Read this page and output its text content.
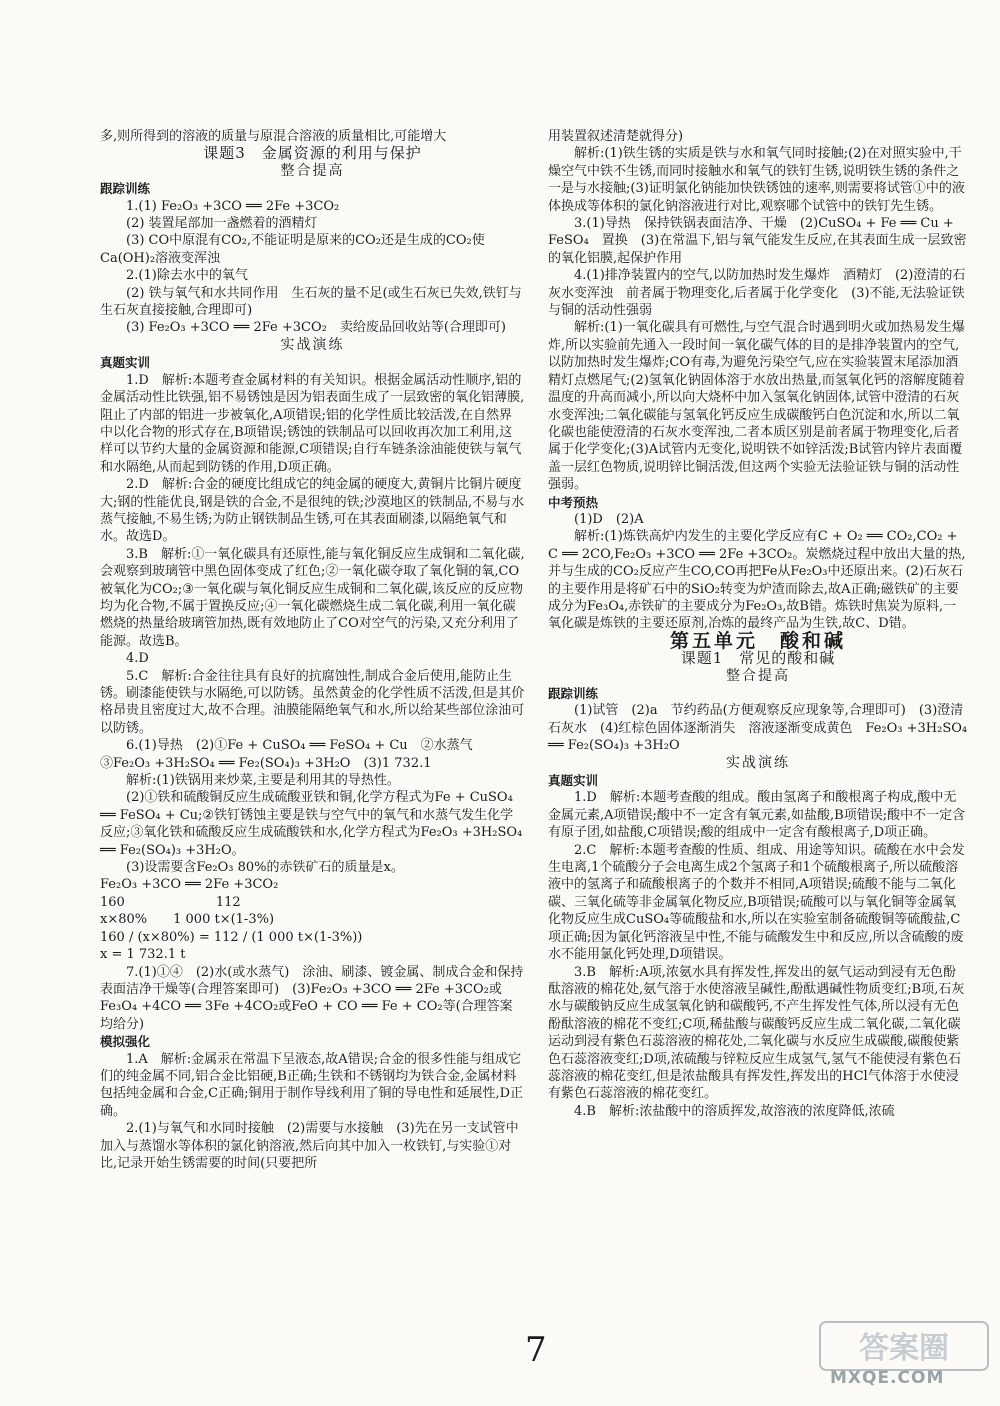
多,则所得到的溶液的质量与原混合溶液的质量相比,可能增大

课题3　金属资源的利用与保护

整合提高

跟踪训练

1.(1) Fe₂O₃ +3CO ══ 2Fe +3CO₂

(2) 装置尾部加一盏燃着的酒精灯

(3) CO中原混有CO₂,不能证明是原来的CO₂还是生成的CO₂使Ca(OH)₂溶液变浑浊

2.(1)除去水中的氧气

(2) 铁与氧气和水共同作用　生石灰的量不足(或生石灰已失效,铁钉与生石灰直接接触,合理即可)

(3) Fe₂O₃ +3CO ══ 2Fe +3CO₂　卖给废品回收站等(合理即可)

实战演练

真题实训

1.D　解析:本题考查金属材料的有关知识。根据金属活动性顺序,铝的金属活动性比铁强,铝不易锈蚀是因为铝表面生成了一层致密的氧化铝薄膜,阻止了内部的铝进一步被氧化,A项错误;铝的化学性质比较活泼,在自然界中以化合物的形式存在,B项错误;锈蚀的铁制品可以回收再次加工利用,这样可以节约大量的金属资源和能源,C项错误;自行车链条涂油能使铁与氧气和水隔绝,从而起到防锈的作用,D项正确。

2.D　解析:合金的硬度比组成它的纯金属的硬度大,黄铜片比铜片硬度大;钢的性能优良,钢是铁的合金,不是很纯的铁;沙漠地区的铁制品,不易与水蒸气接触,不易生锈;为防止钢铁制品生锈,可在其表面刷漆,以隔绝氧气和水。故选D。

3.B　解析:①一氧化碳具有还原性,能与氧化铜反应生成铜和二氧化碳,会观察到玻璃管中黑色固体变成了红色;②一氧化碳夺取了氧化铜的氧,CO被氧化为CO₂;③一氧化碳与氧化铜反应生成铜和二氧化碳,该反应的反应物均为化合物,不属于置换反应;④一氧化碳燃烧生成二氧化碳,利用一氧化碳燃烧的热量给玻璃管加热,既有效地防止了CO对空气的污染,又充分利用了能源。故选B。

4.D

5.C　解析:合金往往具有良好的抗腐蚀性,制成合金后使用,能防止生锈。刷漆能使铁与水隔绝,可以防锈。虽然黄金的化学性质不活泼,但是其价格昂贵且密度过大,故不合理。油膜能隔绝氧气和水,所以给某些部位涂油可以防锈。

6.(1)导热　(2)①Fe + CuSO₄ ══ FeSO₄ + Cu　②水蒸气　③Fe₂O₃ +3H₂SO₄ ══ Fe₂(SO₄)₃ +3H₂O　(3)1 732.1

解析:(1)铁锅用来炒菜,主要是利用其的导热性。

(2)①铁和硫酸铜反应生成硫酸亚铁和铜,化学方程式为Fe + CuSO₄ ══ FeSO₄ + Cu;②铁钉锈蚀主要是铁与空气中的氧气和水蒸气发生化学反应;③氧化铁和硫酸反应生成硫酸铁和水,化学方程式为Fe₂O₃ +3H₂SO₄ ══ Fe₂(SO₄)₃ +3H₂O。

(3)设需要含Fe₂O₃ 80%的赤铁矿石的质量是x。

Fe₂O₃ +3CO ══ 2Fe +3CO₂

160　　　　　　　112

x×80%　　1 000 t×(1-3%)

160 / (x×80%) = 112 / (1 000 t×(1-3%))

x = 1 732.1 t

7.(1)①④　(2)水(或水蒸气)　涂油、刷漆、镀金属、制成合金和保持表面洁净干燥等(合理答案即可)　(3)Fe₂O₃ +3CO ══ 2Fe +3CO₂或Fe₃O₄ +4CO ══ 3Fe +4CO₂或FeO + CO ══ Fe + CO₂等(合理答案均给分)

模拟强化

1.A　解析:金属汞在常温下呈液态,故A错误;合金的很多性能与组成它们的纯金属不同,铝合金比铝硬,B正确;生铁和不锈钢均为铁合金,金属材料包括纯金属和合金,C正确;铜用于制作导线利用了铜的导电性和延展性,D正确。

2.(1)与氧气和水同时接触　(2)需要与水接触　(3)先在另一支试管中加入与蒸馏水等体积的氯化钠溶液,然后向其中加入一枚铁钉,与实验①对比,记录开始生锈需要的时间(只要把所

用装置叙述清楚就得分)

解析:(1)铁生锈的实质是铁与水和氧气同时接触;(2)在对照实验中,干燥空气中铁不生锈,而同时接触水和氧气的铁钉生锈,说明铁生锈的条件之一是与水接触;(3)证明氯化钠能加快铁锈蚀的速率,则需要将试管①中的液体换成等体积的氯化钠溶液进行对比,观察哪个试管中的铁钉先生锈。

3.(1)导热　保持铁锅表面洁净、干燥　(2)CuSO₄ + Fe ══ Cu + FeSO₄　置换　(3)在常温下,铝与氧气能发生反应,在其表面生成一层致密的氧化铝膜,起保护作用

4.(1)排净装置内的空气,以防加热时发生爆炸　酒精灯　(2)澄清的石灰水变浑浊　前者属于物理变化,后者属于化学变化　(3)不能,无法验证铁与铜的活动性强弱

解析:(1)一氧化碳具有可燃性,与空气混合时遇到明火或加热易发生爆炸,所以实验前先通入一段时间一氧化碳气体的目的是排净装置内的空气,以防加热时发生爆炸;CO有毒,为避免污染空气,应在实验装置末尾添加酒精灯点燃尾气;(2)氢氧化钠固体溶于水放出热量,而氢氧化钙的溶解度随着温度的升高而减小,所以向大烧杯中加入氢氧化钠固体,试管中澄清的石灰水变浑浊;二氧化碳能与氢氧化钙反应生成碳酸钙白色沉淀和水,所以二氧化碳也能使澄清的石灰水变浑浊,二者本质区别是前者属于物理变化,后者属于化学变化;(3)A试管内无变化,说明铁不如锌活泼;B试管内锌片表面覆盖一层红色物质,说明锌比铜活泼,但这两个实验无法验证铁与铜的活动性强弱。

中考预热

(1)D　(2)A

解析:(1)炼铁高炉内发生的主要化学反应有C + O₂ ══ CO₂,CO₂ + C ══ 2CO,Fe₂O₃ +3CO ══ 2Fe +3CO₂。炭燃烧过程中放出大量的热,并与生成的CO₂反应产生CO,CO再把Fe从Fe₂O₃中还原出来。(2)石灰石的主要作用是将矿石中的SiO₂转变为炉渣而除去,故A正确;磁铁矿的主要成分为Fe₃O₄,赤铁矿的主要成分为Fe₂O₃,故B错。炼铁时焦炭为原料,一氧化碳是炼铁的主要还原剂,冶炼的最终产品为生铁,故C、D错。

第五单元　酸和碱

课题1　常见的酸和碱

整合提高

跟踪训练

(1)试管　(2)a　节约药品(方便观察反应现象等,合理即可)　(3)澄清石灰水　(4)红棕色固体逐渐消失　溶液逐渐变成黄色　Fe₂O₃ +3H₂SO₄ ══ Fe₂(SO₄)₃ +3H₂O

实战演练

真题实训

1.D　解析:本题考查酸的组成。酸由氢离子和酸根离子构成,酸中无金属元素,A项错误;酸中不一定含有氧元素,如盐酸,B项错误;酸中不一定含有原子团,如盐酸,C项错误;酸的组成中一定含有酸根离子,D项正确。

2.C　解析:本题考查酸的性质、组成、用途等知识。硫酸在水中会发生电离,1个硫酸分子会电离生成2个氢离子和1个硫酸根离子,所以硫酸溶液中的氢离子和硫酸根离子的个数并不相同,A项错误;硫酸不能与二氧化碳、三氧化硫等非金属氧化物反应,B项错误;硫酸可以与氧化铜等金属氧化物反应生成CuSO₄等硫酸盐和水,所以在实验室制备硫酸铜等硫酸盐,C项正确;因为氯化钙溶液呈中性,不能与硫酸发生中和反应,所以含硫酸的废水不能用氯化钙处理,D项错误。

3.B　解析:A项,浓氨水具有挥发性,挥发出的氨气运动到浸有无色酚酞溶液的棉花处,氨气溶于水使溶液呈碱性,酚酞遇碱性物质变红;B项,石灰水与碳酸钠反应生成氢氧化钠和碳酸钙,不产生挥发性气体,所以浸有无色酚酞溶液的棉花不变红;C项,稀盐酸与碳酸钙反应生成二氧化碳,二氧化碳运动到浸有紫色石蕊溶液的棉花处,二氧化碳与水反应生成碳酸,碳酸使紫色石蕊溶液变红;D项,浓硫酸与锌粒反应生成氢气,氢气不能使浸有紫色石蕊溶液的棉花变红,但是浓盐酸具有挥发性,挥发出的HCl气体溶于水使浸有紫色石蕊溶液的棉花变红。

4.B　解析:浓盐酸中的溶质挥发,故溶液的浓度降低,浓硫

7	答案圈
MXQE.COM
